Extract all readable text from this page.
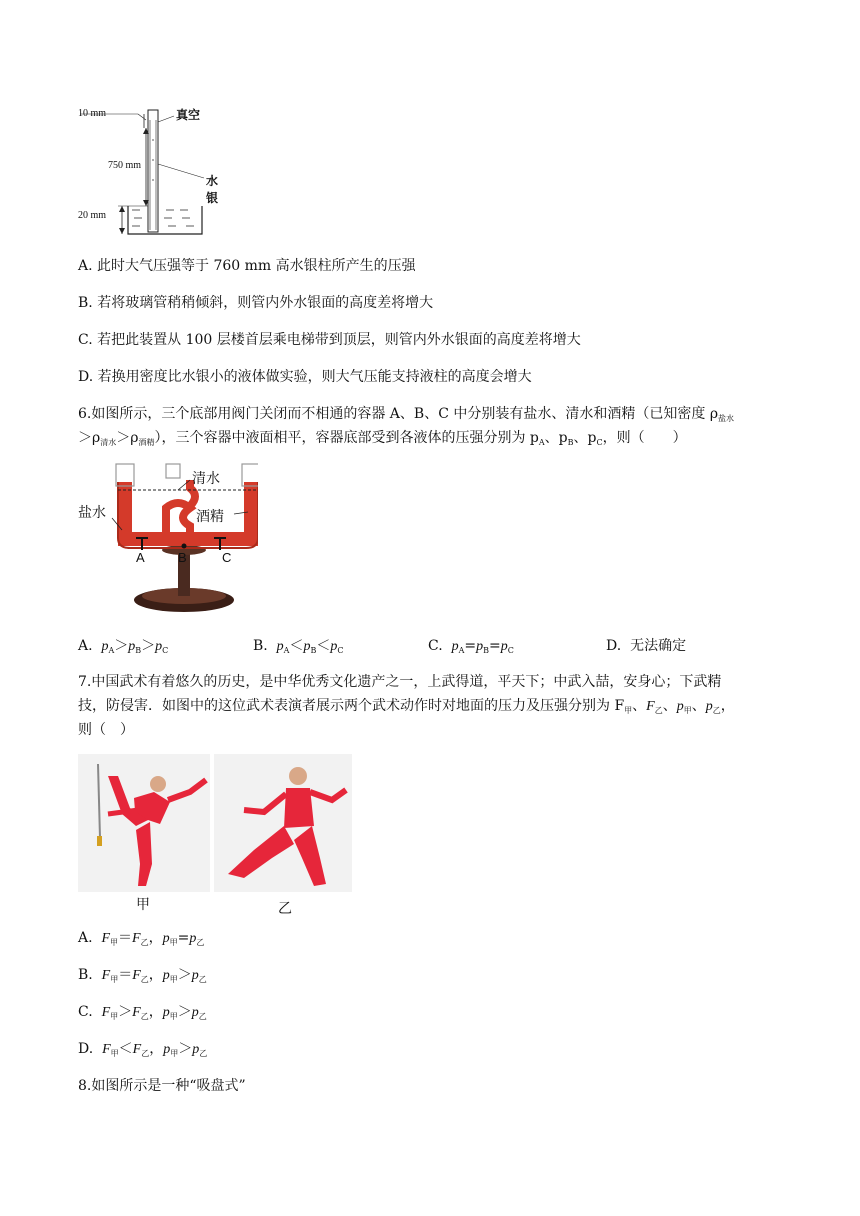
10 mm
750 mm
20 mm
真空
水银
A. 此时大气压强等于 760 mm 高水银柱所产生的压强
B. 若将玻璃管稍稍倾斜，则管内外水银面的高度差将增大
C. 若把此装置从 100 层楼首层乘电梯带到顶层，则管内外水银面的高度差将增大
D. 若换用密度比水银小的液体做实验，则大气压能支持液柱的高度会增大
6.如图所示，三个底部用阀门关闭而不相通的容器 A、B、C 中分别装有盐水、清水和酒精（已知密度 $\rho_{盐水}$
$>\rho_{清水}>\rho_{酒精}$），三个容器中液面相平，容器底部受到各液体的压强分别为 $p_A$、$p_B$、$p_C$，则（　　）
清水
盐水	酒精
A	B	C
A. $p_A>p_B>p_C$	B. $p_A<p_B<p_C$	C. $p_A=p_B=p_C$	D. 无法确定
7.中国武术有着悠久的历史，是中华优秀文化遗产之一，上武得道，平天下；中武入喆，安身心；下武精
技，防侵害．如图中的这位武术表演者展示两个武术动作时对地面的压力及压强分别为 $F_甲$、$F_乙$、$p_甲$、$p_乙$，
则（　）
甲	乙
A. $F_甲=F_乙$，$p_甲=p_乙$
B. $F_甲=F_乙$，$p_甲>p_乙$
C. $F_甲>F_乙$，$p_甲>p_乙$
D. $F_甲<F_乙$，$p_甲>p_乙$
8.如图所示是一种“吸盘式”
